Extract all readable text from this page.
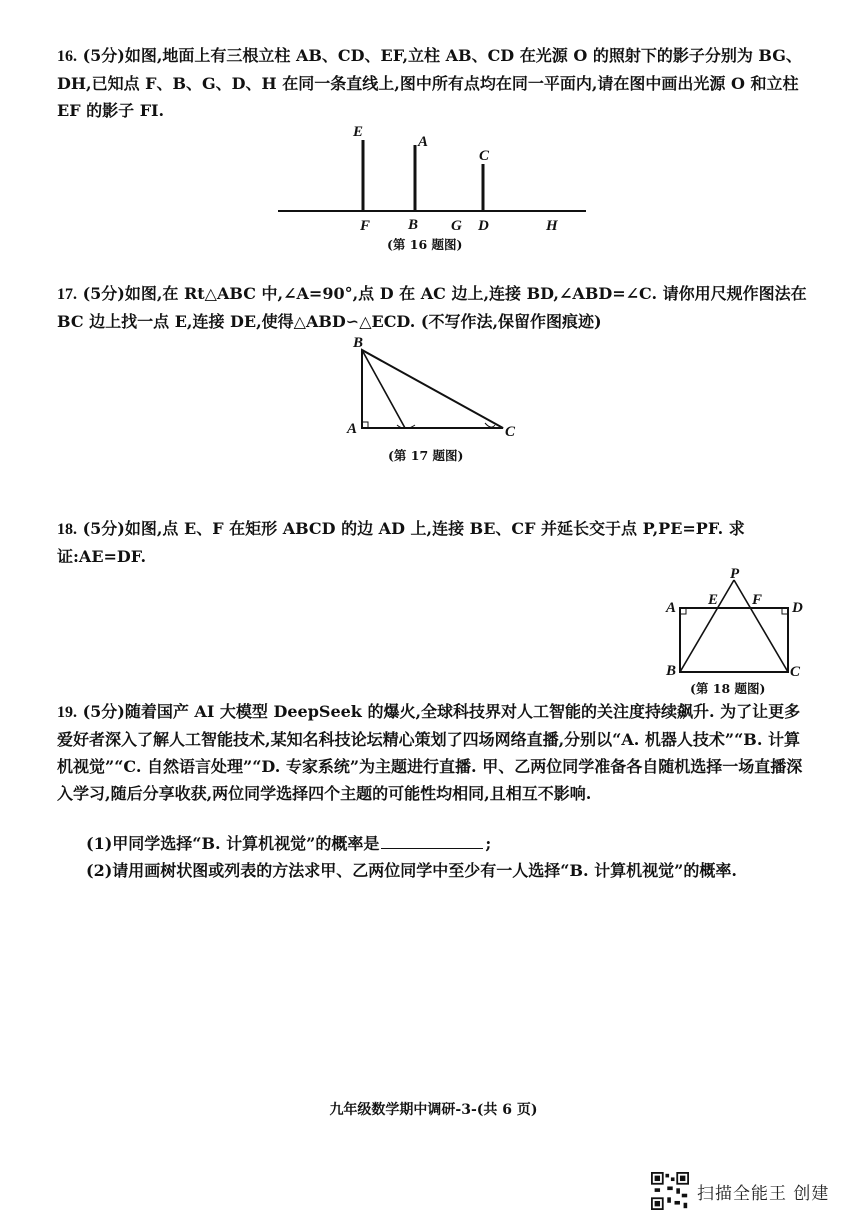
16. (5分)如图,地面上有三根立柱 AB、CD、EF,立柱 AB、CD 在光源 O 的照射下的影子分别为 BG、DH,已知点 F、B、G、D、H 在同一条直线上,图中所有点均在同一平面内,请在图中画出光源 O 和立柱 EF 的影子 FI.

E
A
C
F	B G D	H
(第 16 题图)

17. (5分)如图,在 Rt△ABC 中,∠A=90°,点 D 在 AC 边上,连接 BD,∠ABD=∠C. 请你用尺规作图法在 BC 边上找一点 E,连接 DE,使得△ABD∽△ECD. (不写作法,保留作图痕迹)

B
A	C
(第 17 题图)

18. (5分)如图,点 E、F 在矩形 ABCD 的边 AD 上,连接 BE、CF 并延长交于点 P,PE=PF. 求证:AE=DF.

P
A E F D
B	C
(第 18 题图)

19. (5分)随着国产 AI 大模型 DeepSeek 的爆火,全球科技界对人工智能的关注度持续飙升. 为了让更多爱好者深入了解人工智能技术,某知名科技论坛精心策划了四场网络直播,分别以“A. 机器人技术”“B. 计算机视觉”“C. 自然语言处理”“D. 专家系统”为主题进行直播. 甲、乙两位同学准备各自随机选择一场直播深入学习,随后分享收获,两位同学选择四个主题的可能性均相同,且相互不影响.

(1)甲同学选择“B. 计算机视觉”的概率是	;

(2)请用画树状图或列表的方法求甲、乙两位同学中至少有一人选择“B. 计算机视觉”的概率.

九年级数学期中调研-3-(共 6 页)
扫描全能王 创建
